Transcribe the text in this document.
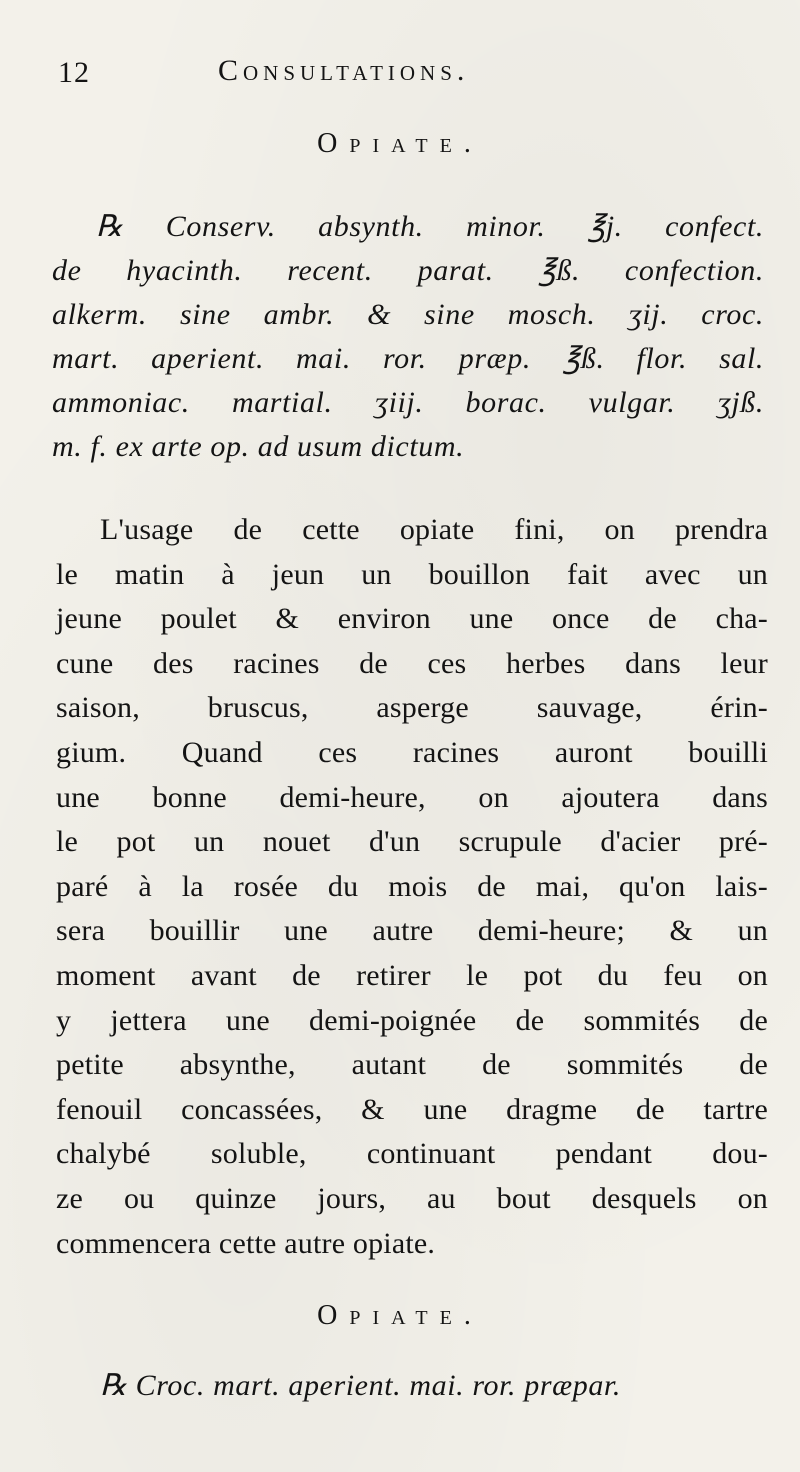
12	Consultations.
Opiate.
℞ Conserv. absynth. minor. ℥j. confect.
de hyacinth. recent. parat. ℥ß. confection.
alkerm. sine ambr. & sine mosch. ʒij. croc.
mart. aperient. mai. ror. præp. ℥ß. flor. sal.
ammoniac. martial. ʒiij. borac. vulgar. ʒjß.
m. f. ex arte op. ad usum dictum.
L'usage de cette opiate fini, on prendra
le matin à jeun un bouillon fait avec un
jeune poulet & environ une once de cha-
cune des racines de ces herbes dans leur
saison, bruscus, asperge sauvage, érin-
gium. Quand ces racines auront bouilli
une bonne demi-heure, on ajoutera dans
le pot un nouet d'un scrupule d'acier pré-
paré à la rosée du mois de mai, qu'on lais-
sera bouillir une autre demi-heure; & un
moment avant de retirer le pot du feu on
y jettera une demi-poignée de sommités de
petite absynthe, autant de sommités de
fenouil concassées, & une dragme de tartre
chalybé soluble, continuant pendant dou-
ze ou quinze jours, au bout desquels on
commencera cette autre opiate.
Opiate.
℞ Croc. mart. aperient. mai. ror. præpar.
